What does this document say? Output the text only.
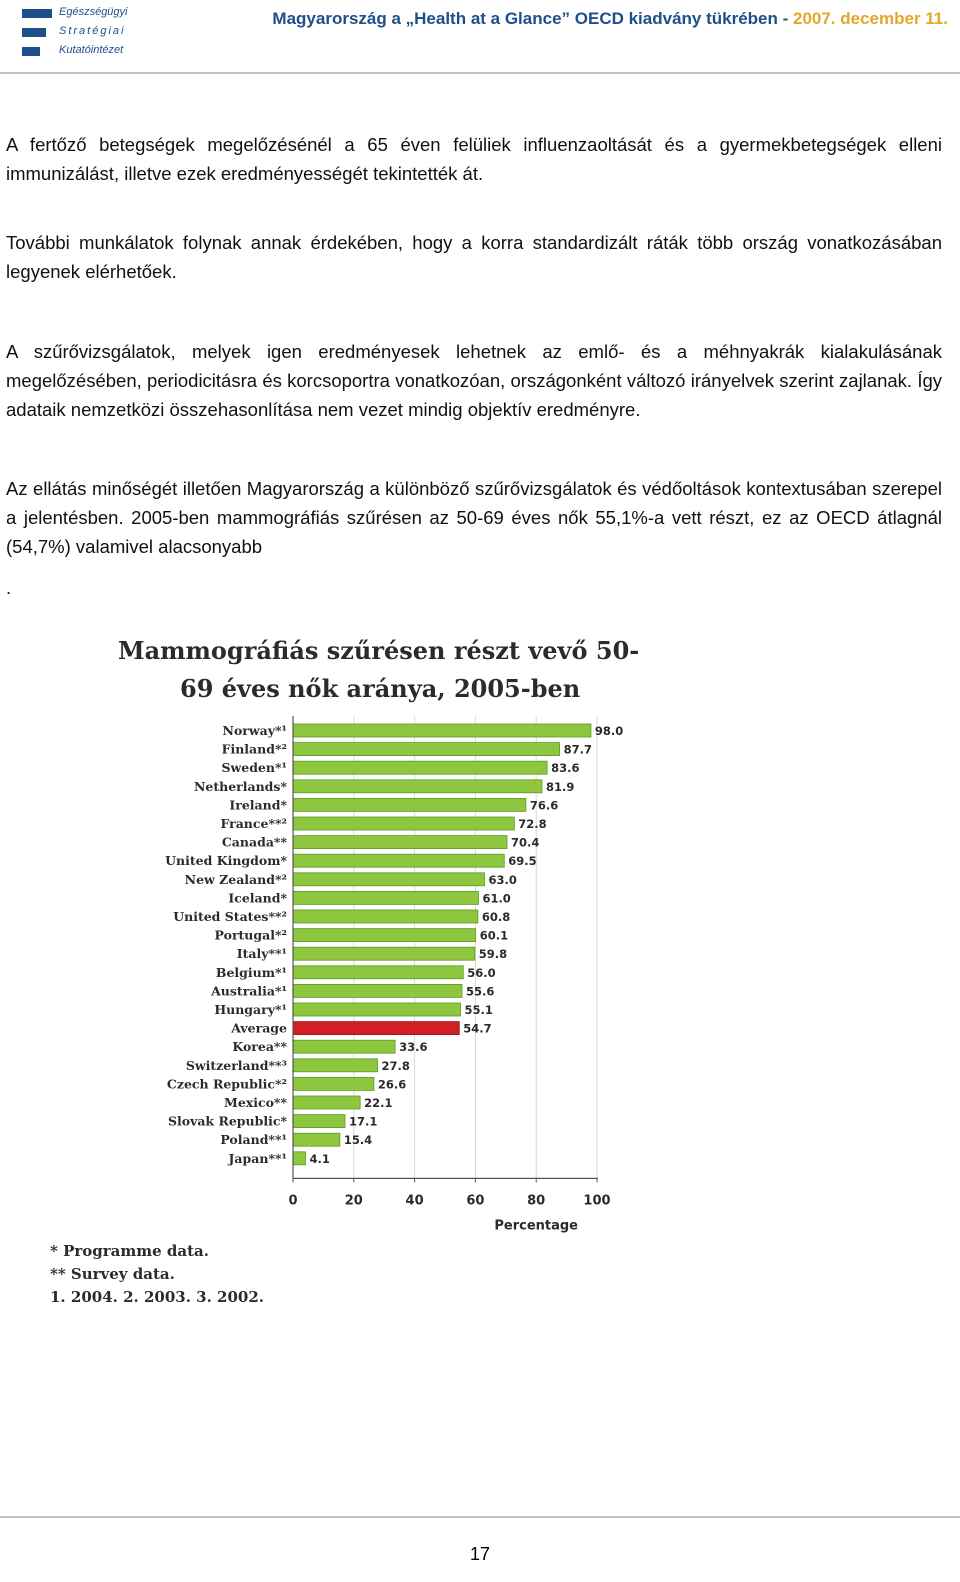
Egészségügyi
Stratégiai
Kutatóintézet
Magyarország a „Health at a Glance” OECD kiadvány tükrében - 2007. december 11.

A fertőző betegségek megelőzésénél a 65 éven felüliek influenzaoltását és a gyermekbetegségek elleni immunizálást, illetve ezek eredményességét tekintették át.

További munkálatok folynak annak érdekében, hogy a korra standardizált ráták több ország vonatkozásában legyenek elérhetőek.

A szűrővizsgálatok, melyek igen eredményesek lehetnek az emlő- és a méhnyakrák kialakulásának megelőzésében, periodicitásra és korcsoportra vonatkozóan, országonként változó irányelvek szerint zajlanak. Így adataik nemzetközi összehasonlítása nem vezet mindig objektív eredményre.

Az ellátás minőségét illetően Magyarország a különböző szűrővizsgálatok és védőoltások kontextusában szerepel a jelentésben. 2005-ben mammográfiás szűrésen az 50-69 éves nők 55,1%-a vett részt, ez az OECD átlagnál (54,7%) valamivel alacsonyabb

.

Mammográfiás szűrésen részt vevő 50-
69 éves nők aránya, 2005-ben
Norway*¹	98.0
Finland*²	87.7
Sweden*¹	83.6
Netherlands*	81.9
Ireland*	76.6
France**²	72.8
Canada**	70.4
United Kingdom*	69.5
New Zealand*²	63.0
Iceland*	61.0
United States**²	60.8
Portugal*²	60.1
Italy**¹	59.8
Belgium*¹	56.0
Australia*¹	55.6
Hungary*¹	55.1
Average	54.7
Korea**	33.6
Switzerland**³	27.8
Czech Republic*²	26.6
Mexico**	22.1
Slovak Republic*	17.1
Poland**¹	15.4
Japan**¹ 4.1
0	20	40	60	80	100
Percentage
* Programme data.
** Survey data.
1. 2004. 2. 2003. 3. 2002.
17
